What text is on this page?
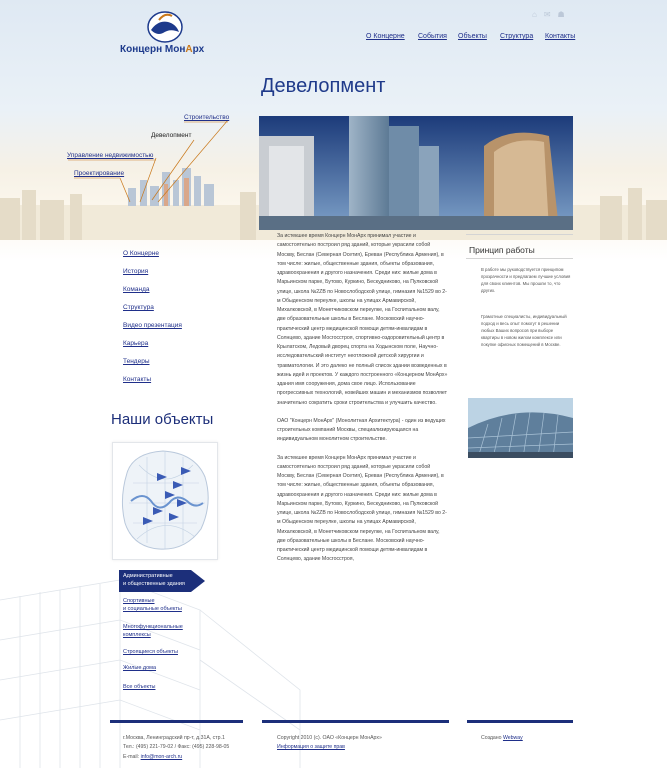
Концерн МонАрх
⌂ ✉ ☗
О Концерне События Объекты Структура Контакты
Девелопмент
Строительство
Девелопмент
Управление недвижимостью
Проектирование
О Концерне
История
Команда
Структура
Видео презентация
Карьера
Тендеры
Контакты
Наши объекты
Административные
и общественные здания
Спортивные
и социальные объекты
Многофункциональные
комплексы
Строящиеся объекты
Жилые дома
Все объекты

За истекшее время Концерн МонАрх принимал участие и самостоятельно построил ряд зданий, которые украсили собой Москву, Беслан (Северная Осетия), Ереван (Республика Армения), в том числе: жилые, общественные здания, объекты образования, здравоохранения и другого назначения. Среди них: жилые дома в Марьинском парке, Бутово, Куркино, Бескудниково, на Пулковской улице, школа №2ZB по Новослободской улице, гимназия №1529 во 2-м Обыденском переулке, школы на улицах Армавирской, Михалковской, в Монетчиковском переулке, на Госпитальном валу, две образовательные школы в Беслане. Московский научно-практический центр медицинской помощи детям-инвалидам в Солнцево, здание Мосгосстроя, спортивно-оздоровительный центр в Крылатском, Ледовый дворец спорта на Ходынском поле, Научно-исследовательский институт неотложной детской хирургии и травматологии. И это далеко не полный список здании возведенных в жизнь идей и проектов. У каждого построенного «Концерном МонАрх» здания имя сооружения, дома свое лицо. Использование прогрессивных технологий, новейших машин и механизмов позволяет значительно сократить сроки строительства и улучшить качество.

ОАО "Концерн МонАрх" (Монолитная Архитектура) - один из ведущих строительных компаний Москвы, специализирующаяся на индивидуальном монолитном строительстве.

За истекшее время Концерн МонАрх принимал участие и самостоятельно построил ряд зданий, которые украсили собой Москву, Беслан (Северная Осетия), Ереван (Республика Армения), в том числе: жилые, общественные здания, объекты образования, здравоохранения и другого назначения. Среди них: жилые дома в Марьинском парке, Бутово, Куркино, Бескудниково, на Пулковской улице, школа №2ZB по Новослободской улице, гимназия №1529 во 2-м Обыденском переулке, школы на улицах Армавирской, Михалковской, в Монетчиковском переулке, на Госпитальном валу, две образовательные школы в Беслане. Московский научно-практический центр медицинской помощи детям-инвалидам в Солнцево, здание Мосгосстроя,

Принцип работы
В работе мы руководствуется принципом прозрачности и предлагаем лучшие условия для своих клиентов. Мы прошли то, что других.
Грамотные специалисты, индивидуальный подход и весь опыт помогут в решении любых Ваших вопросов при выборе квартиры в новом жилом комплексе или покупке офисных помещений в Москве.
г.Москва, Ленинградский пр-т, д.31А, стр.1
Тел.: (495) 221-79-02 / Факс: (495) 228-98-05
E-mail: info@mon-arch.ru
Copyright 2010 (c). ОАО «Концерн МонАрх»
Информация о защите прав
Создано Webway
